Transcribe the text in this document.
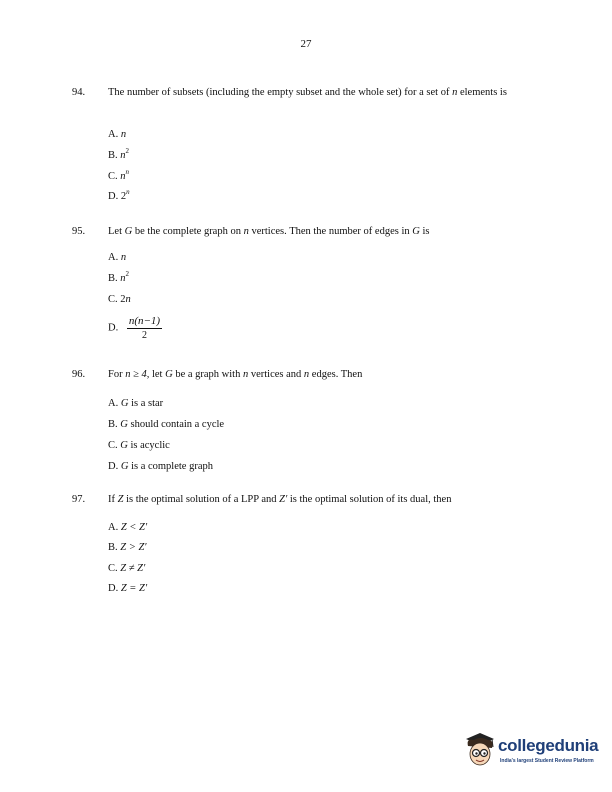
27
94.	The number of subsets (including the empty subset and the whole set) for a set of n elements is
A. n
B. $n^2$
C. $n^n$
D. 2$^n$
95.	Let G be the complete graph on n vertices. Then the number of edges in G is
A. n
B. $n^2$
C. 2n
D. $\frac{n(n-1)}{2}$
96.	For n ≥ 4, let G be a graph with n vertices and n edges. Then
A. G is a star
B. G should contain a cycle
C. G is acyclic
D. G is a complete graph
97.	If Z is the optimal solution of a LPP and Z′ is the optimal solution of its dual, then
A. Z < Z′
B. Z > Z′
C. Z ≠ Z′
D. Z = Z′
collegedunia
India's largest Student Review Platform
